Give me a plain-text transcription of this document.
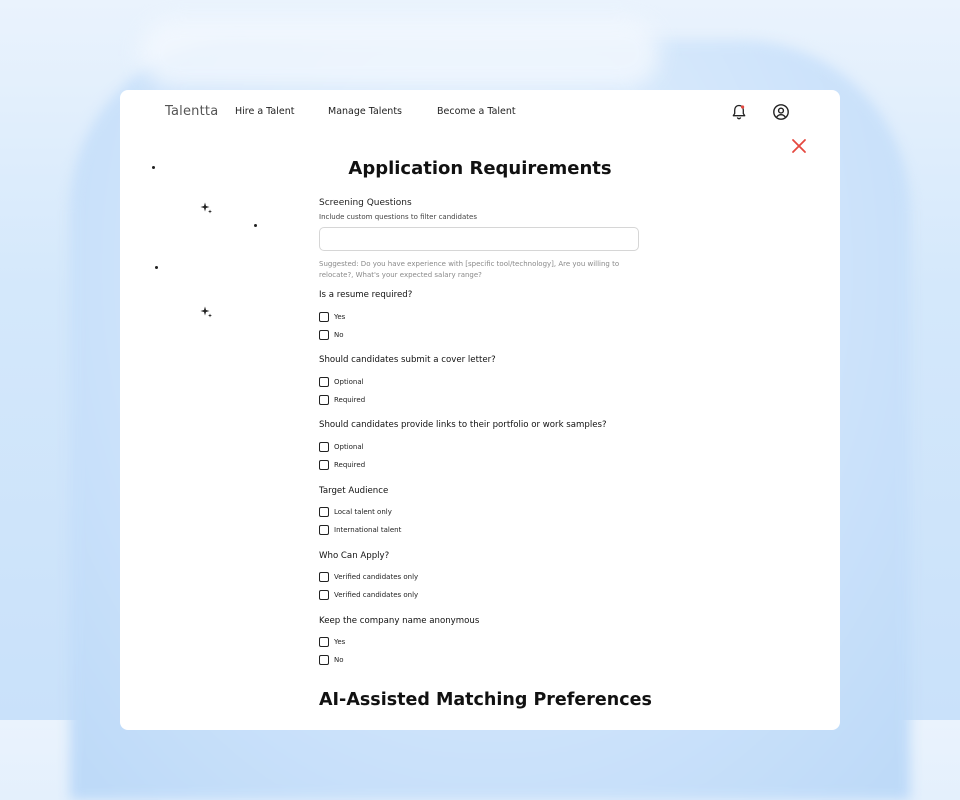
Talentta Hire a Talent	Manage Talents	Become a Talent
Application Requirements
Screening Questions
Include custom questions to filter candidates
Suggested: Do you have experience with [specific tool/technology], Are you willing to
relocate?, What's your expected salary range?
Is a resume required?
Yes
No
Should candidates submit a cover letter?
Optional
Required
Should candidates provide links to their portfolio or work samples?
Optional
Required
Target Audience
Local talent only
International talent
Who Can Apply?
Verified candidates only
Verified candidates only
Keep the company name anonymous
Yes
No
AI-Assisted Matching Preferences
